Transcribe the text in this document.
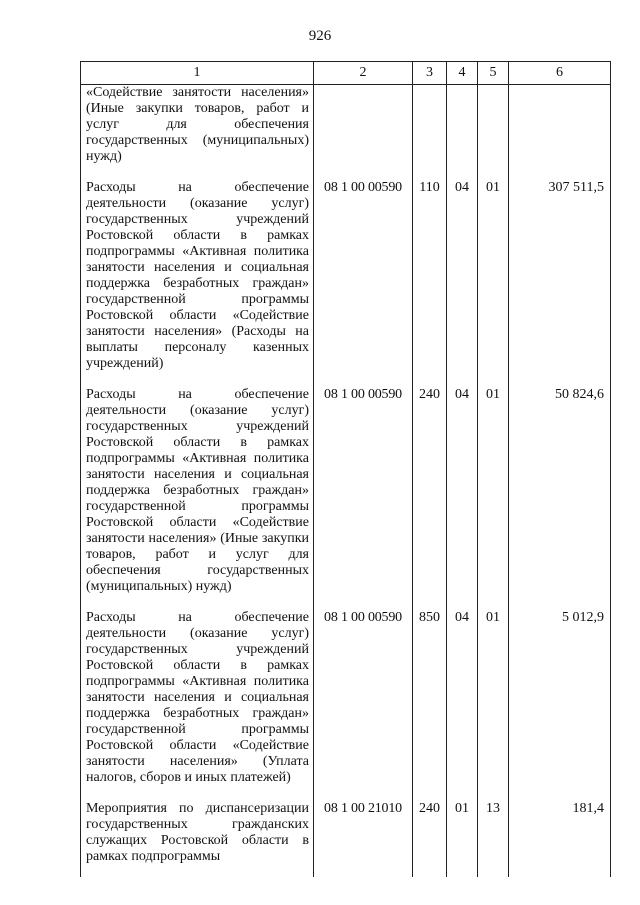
926
1	2	3	4	5	6
«Содействие занятости населения» (Иные закупки товаров, работ и услуг для обеспечения государственных (муниципальных) нужд)					
Расходы на обеспечение деятельности (оказание услуг) государственных учреждений Ростовской области в рамках подпрограммы «Активная политика занятости населения и социальная поддержка безработных граждан» государственной программы Ростовской области «Содействие занятости населения» (Расходы на выплаты персоналу казенных учреждений)	08 1 00 00590	110	04	01	307 511,5
Расходы на обеспечение деятельности (оказание услуг) государственных учреждений Ростовской области в рамках подпрограммы «Активная политика занятости населения и социальная поддержка безработных граждан» государственной программы Ростовской области «Содействие занятости населения» (Иные закупки товаров, работ и услуг для обеспечения государственных (муниципальных) нужд)	08 1 00 00590	240	04	01	50 824,6
Расходы на обеспечение деятельности (оказание услуг) государственных учреждений Ростовской области в рамках подпрограммы «Активная политика занятости населения и социальная поддержка безработных граждан» государственной программы Ростовской области «Содействие занятости населения» (Уплата налогов, сборов и иных платежей)	08 1 00 00590	850	04	01	5 012,9
Мероприятия по диспансеризации государственных гражданских служащих Ростовской области в рамках подпрограммы	08 1 00 21010	240	01	13	181,4
